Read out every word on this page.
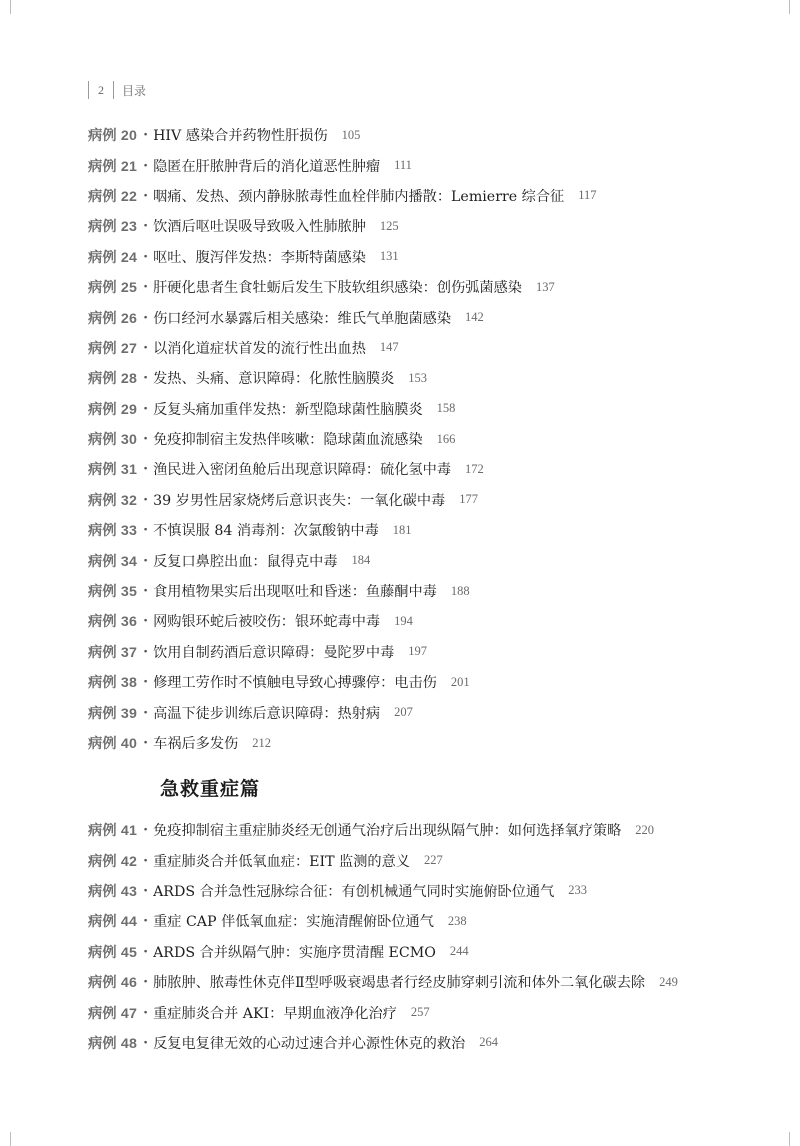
2	目录
病例 20 · HIV 感染合并药物性肝损伤 105
病例 21 · 隐匿在肝脓肿背后的消化道恶性肿瘤 111
病例 22 · 咽痛、发热、颈内静脉脓毒性血栓伴肺内播散：Lemierre 综合征 117
病例 23 · 饮酒后呕吐误吸导致吸入性肺脓肿 125
病例 24 · 呕吐、腹泻伴发热：李斯特菌感染 131
病例 25 · 肝硬化患者生食牡蛎后发生下肢软组织感染：创伤弧菌感染 137
病例 26 · 伤口经河水暴露后相关感染：维氏气单胞菌感染 142
病例 27 · 以消化道症状首发的流行性出血热 147
病例 28 · 发热、头痛、意识障碍：化脓性脑膜炎 153
病例 29 · 反复头痛加重伴发热：新型隐球菌性脑膜炎 158
病例 30 · 免疫抑制宿主发热伴咳嗽：隐球菌血流感染 166
病例 31 · 渔民进入密闭鱼舱后出现意识障碍：硫化氢中毒 172
病例 32 · 39 岁男性居家烧烤后意识丧失：一氧化碳中毒 177
病例 33 · 不慎误服 84 消毒剂：次氯酸钠中毒 181
病例 34 · 反复口鼻腔出血：鼠得克中毒 184
病例 35 · 食用植物果实后出现呕吐和昏迷：鱼藤酮中毒 188
病例 36 · 网购银环蛇后被咬伤：银环蛇毒中毒 194
病例 37 · 饮用自制药酒后意识障碍：曼陀罗中毒 197
病例 38 · 修理工劳作时不慎触电导致心搏骤停：电击伤 201
病例 39 · 高温下徒步训练后意识障碍：热射病 207
病例 40 · 车祸后多发伤 212
急救重症篇
病例 41 · 免疫抑制宿主重症肺炎经无创通气治疗后出现纵隔气肿：如何选择氧疗策略 220
病例 42 · 重症肺炎合并低氧血症：EIT 监测的意义 227
病例 43 · ARDS 合并急性冠脉综合征：有创机械通气同时实施俯卧位通气 233
病例 44 · 重症 CAP 伴低氧血症：实施清醒俯卧位通气 238
病例 45 · ARDS 合并纵隔气肿：实施序贯清醒 ECMO 244
病例 46 · 肺脓肿、脓毒性休克伴Ⅱ型呼吸衰竭患者行经皮肺穿刺引流和体外二氧化碳去除 249
病例 47 · 重症肺炎合并 AKI：早期血液净化治疗 257
病例 48 · 反复电复律无效的心动过速合并心源性休克的救治 264
